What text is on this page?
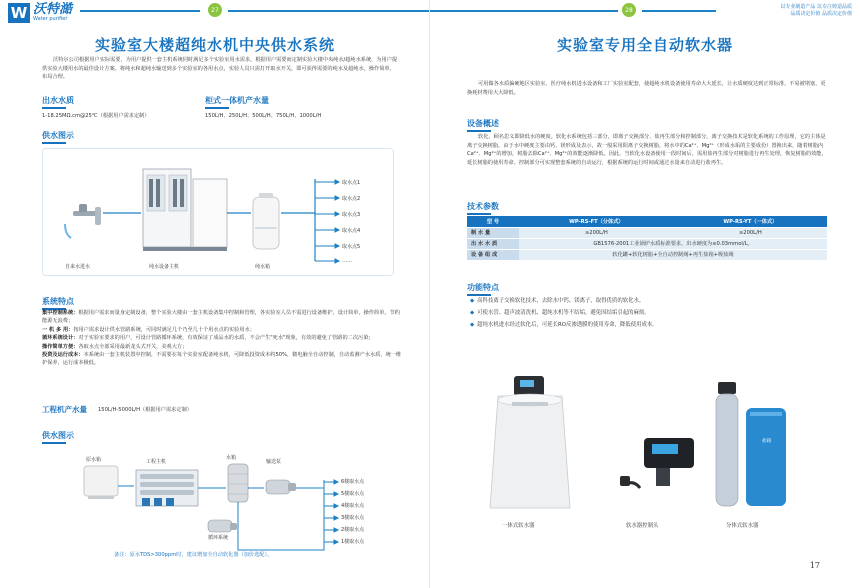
W 沃特澔
Water purifier
27
实验室大楼超纯水机中央供水系统
沃特尔公司根据用户实际需要，为用户提供一套主机系统同时满足多个实验室用水需求，根据用户需要而定制实验大楼中央纯水/超纯水系统，为用户提供实验大楼用水的最佳设计方案。将纯水和超纯水输送到多个实验室的各用水点，实验人员只需打开取水开关，即可获得需要的纯水及超纯水，操作简单，布局合理。
出水水质
1-18.25MΩ.cm@25℃（根据用户需求定制）
柜式一体机产水量
150L/H、250L/H、500L/H、750L/H、1000L/H
供水图示
自来水进水	纯水设备主机	纯水箱
取水点1
取水点2
取水点3
取水点4
取水点5
……
系统特点
集中控制系统：根据用户需求而量身定制设备，整个实验大楼由一套主机设备集中控制和管理，各实验室人员不需进行设备维护，设计简单，操作简单，节约能源无浪费；
一 机 多 用：按用户需求设计供水管路系统，可同时满足几个乃至几十个用水点的实验用水；
循环系统设计：对于实验室要求的用户，可设计管路循环系统，有效保证了成品水的水质，不会产生"死水"现象，有效的避免了管路的二次污染；
操作简单方便：各取水点全部采用最新龙头式开关，美观大方；
投资及运行成本：本系统由一套主机装置中控制，不需要在每个实验室配备纯水机，可降低投资成本约50%，微电脑全自动控制，自动监测产水水质，统一维护保养，运行成本极低。
工程机产水量 150L/H-5000L/H（根据用户需求定制）
供水图示
原水箱	工程主机
水箱
输送泵
循环系统
6楼取水点
5楼取水点
4楼取水点
3楼取水点
2楼取水点
1楼取水点
备注：原水TDS>300ppm时，建议增加全自动软化器（加价选配）。
28	以专业制造产品 以专注铸造品质
品质决定价值 品质决定价值
实验室专用全自动软水器
可用做各水质偏硬地区实验室、医疗纯水机进水设备和工厂实验室配套，使超纯水机设备使用寿命大大延长，让水质硬度达到正常标准，不易被堵塞，更换耗材费用大大降低。
设备概述
软化，顾名思义即降低水的硬度。软化水系统包括三部分，即离子交换部分、盐再生部分和控制部分。离子交换技术是软化系统的工作原理，它的主体是离子交换树脂，由于水中硬度主要由钙、镁形成及表示，故一般采用阳离子交换树脂，将水中的Ca²⁺、Mg²⁺（形成水垢的主要成份）置换出来，随着树脂内Ca²⁺、Mg²⁺的增加，树脂去除Ca²⁺、Mg²⁺的效能逐渐降低。因此，当软化水设备使用一段时间后，需用盐再生部分对树脂进行再生处理，恢复树脂的效能，延长树脂的使用寿命。控制部分可实现整套系统的自动运行，根据系统的运行时间或通过水量来自动进行盐再生。
技术参数
功能特点
盐箱
一体式软水器	软水器控制头	分体式软水器
17
型 号	WP-RS-FT（分体式）	WP-RS-YT（一体式）
制 水 量	≥200L/H	≥200L/H
出 水 水 质	GB1576-2001工业锅炉水质标准要求，出水硬度为≤0.03mmol/L。	
设 备 组 成	软化罐+软化树脂+全自动控制阀+再生盐箱+吸盐阀	
◆ 高科技离子交换软化技术，去除水中钙、镁离子，取得优质的软化水。
◆ 可使水管、超声波清洗机、超纯水机等不结垢，避免因结垢引起的麻烦。
◆ 超纯水机进水经过软化后，可延长RO反渗透膜的使用寿命，降低使用成本。
